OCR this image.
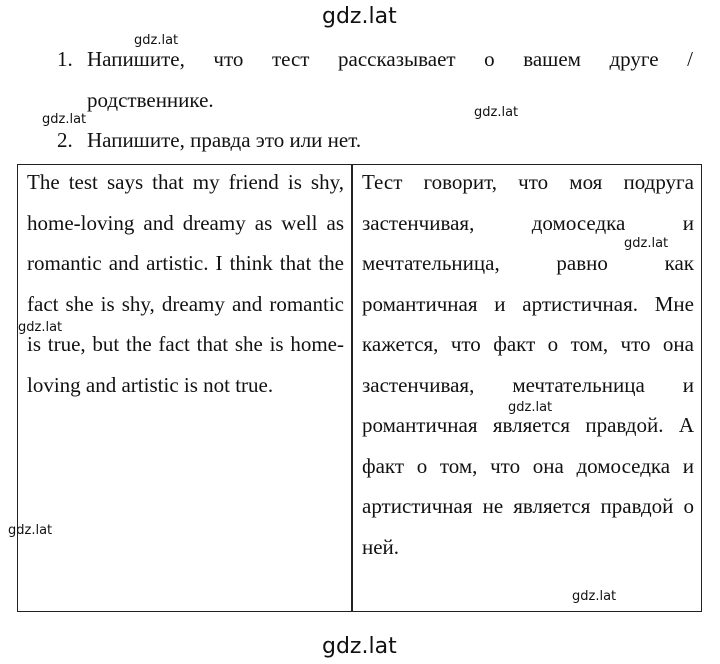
gdz.lat
1. Напишите, что тест рассказывает о вашем друге /
родственнике.
2. Напишите, правда это или нет.
The test says that my friend is shy, home-loving and dreamy as well as romantic and artistic. I think that the fact she is shy, dreamy and romantic is true, but the fact that she is home-loving and artistic is not true.
Тест говорит, что моя подруга застенчивая, домоседка и мечтательница, равно как романтичная и артистичная. Мне кажется, что факт о том, что она застенчивая, мечтательница и романтичная является правдой. А факт о том, что она домоседка и артистичная не является правдой о ней.
gdz.lat
gdz.lat	gdz.lat
gdz.lat
gdz.lat
gdz.lat
gdz.lat
gdz.lat
gdz.lat
